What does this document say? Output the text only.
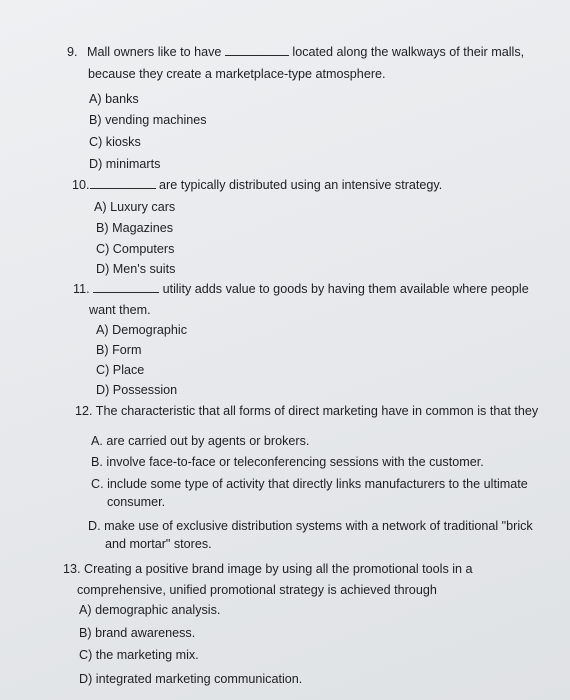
9. Mall owners like to have	located along the walkways of their malls,
because they create a marketplace-type atmosphere.
A) banks
B) vending machines
C) kiosks
D) minimarts
10.	are typically distributed using an intensive strategy.
A) Luxury cars
B) Magazines
C) Computers
D) Men's suits
11.	utility adds value to goods by having them available where people
want them.
A) Demographic
B) Form
C) Place
D) Possession
12. The characteristic that all forms of direct marketing have in common is that they
A. are carried out by agents or brokers.
B. involve face-to-face or teleconferencing sessions with the customer.
C. include some type of activity that directly links manufacturers to the ultimate
consumer.
D. make use of exclusive distribution systems with a network of traditional "brick
and mortar" stores.
13. Creating a positive brand image by using all the promotional tools in a
comprehensive, unified promotional strategy is achieved through
A) demographic analysis.
B) brand awareness.
C) the marketing mix.
D) integrated marketing communication.
